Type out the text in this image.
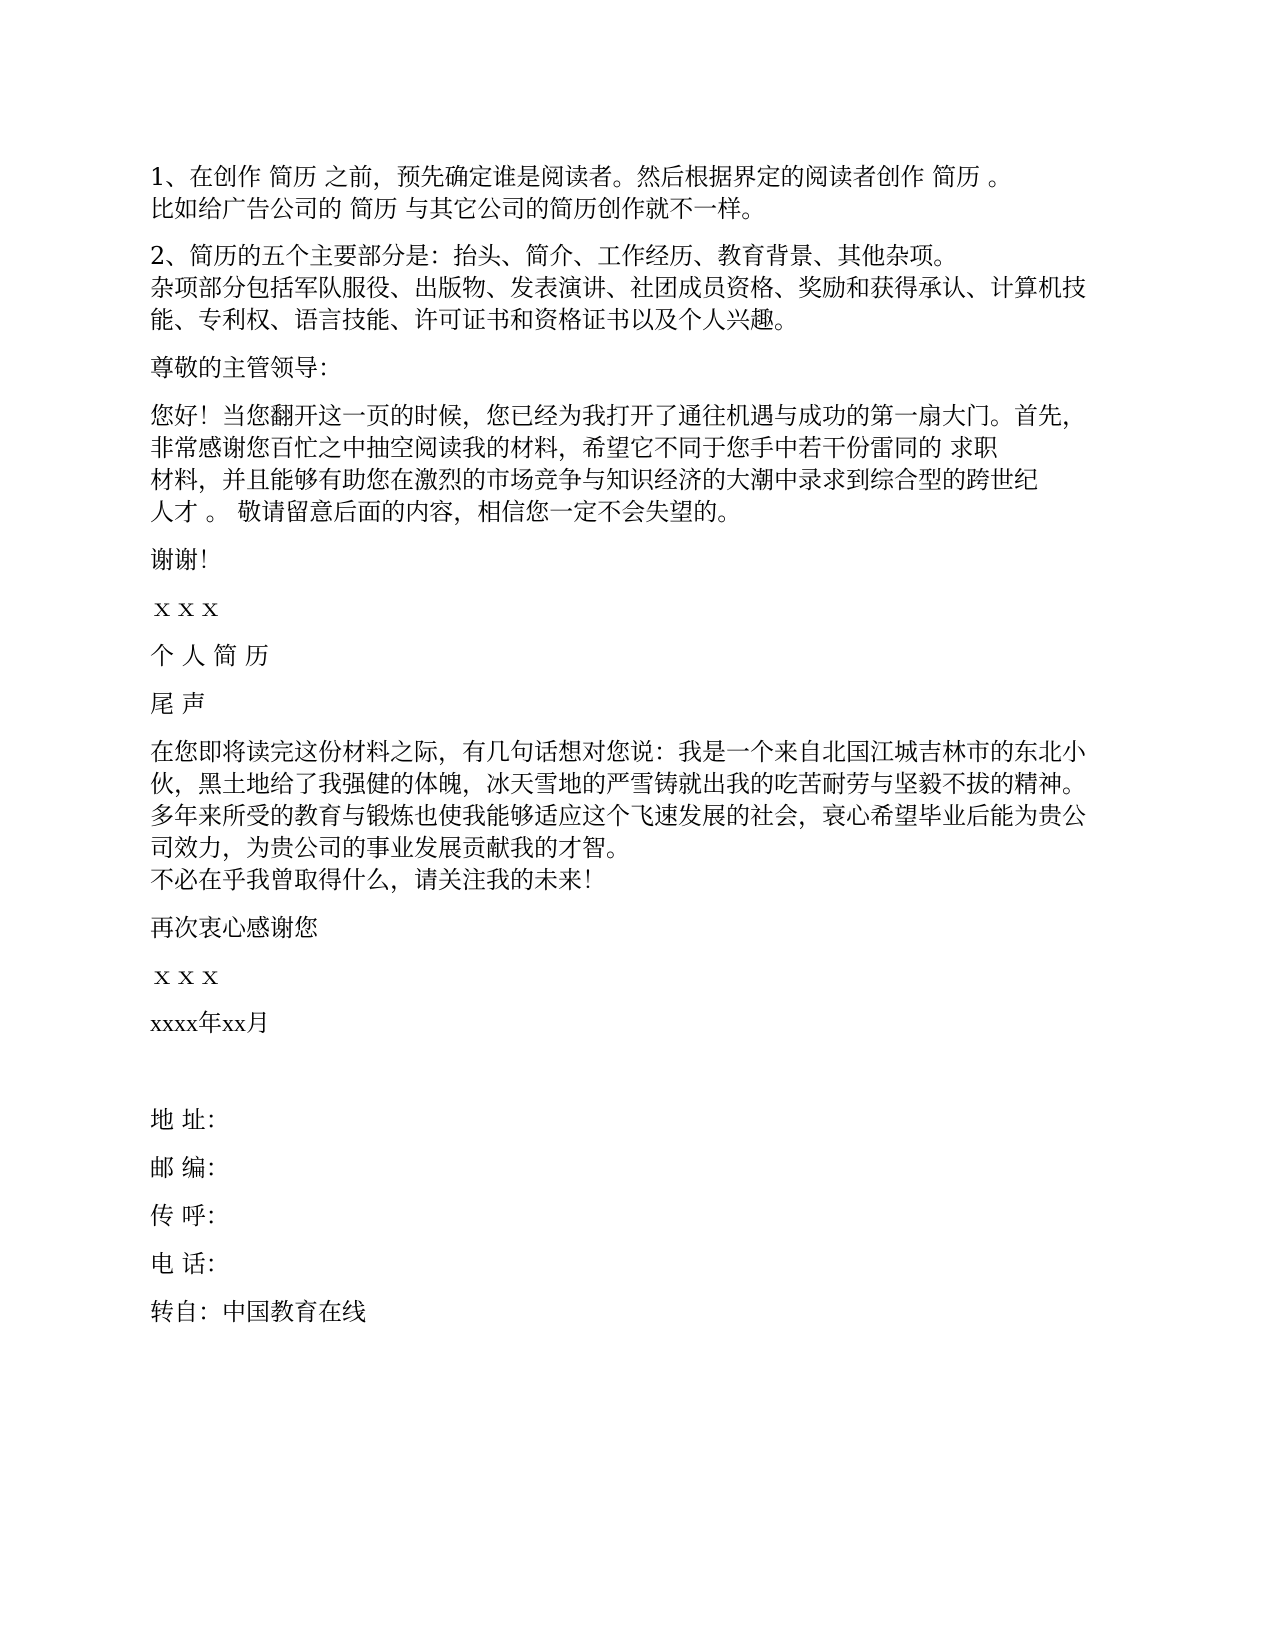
1、在创作 简历 之前，预先确定谁是阅读者。然后根据界定的阅读者创作 简历 。
比如给广告公司的 简历 与其它公司的简历创作就不一样。
2、简历的五个主要部分是：抬头、简介、工作经历、教育背景、其他杂项。
杂项部分包括军队服役、出版物、发表演讲、社团成员资格、奖励和获得承认、计算机技
能、专利权、语言技能、许可证书和资格证书以及个人兴趣。
尊敬的主管领导：
您好！当您翻开这一页的时候，您已经为我打开了通往机遇与成功的第一扇大门。首先，
非常感谢您百忙之中抽空阅读我的材料，希望它不同于您手中若干份雷同的 求职
材料，并且能够有助您在激烈的市场竞争与知识经济的大潮中录求到综合型的跨世纪
人才 。 敬请留意后面的内容，相信您一定不会失望的。
谢谢！
ｘｘｘ
个 人 简 历
尾 声
在您即将读完这份材料之际，有几句话想对您说：我是一个来自北国江城吉林市的东北小
伙，黑土地给了我强健的体魄，冰天雪地的严雪铸就出我的吃苦耐劳与坚毅不拔的精神。
多年来所受的教育与锻炼也使我能够适应这个飞速发展的社会，衰心希望毕业后能为贵公
司效力，为贵公司的事业发展贡献我的才智。
不必在乎我曾取得什么，请关注我的未来！
再次衷心感谢您
ｘｘｘ
xxxx年xx月
地 址：
邮 编：
传 呼：
电 话：
转自：中国教育在线
